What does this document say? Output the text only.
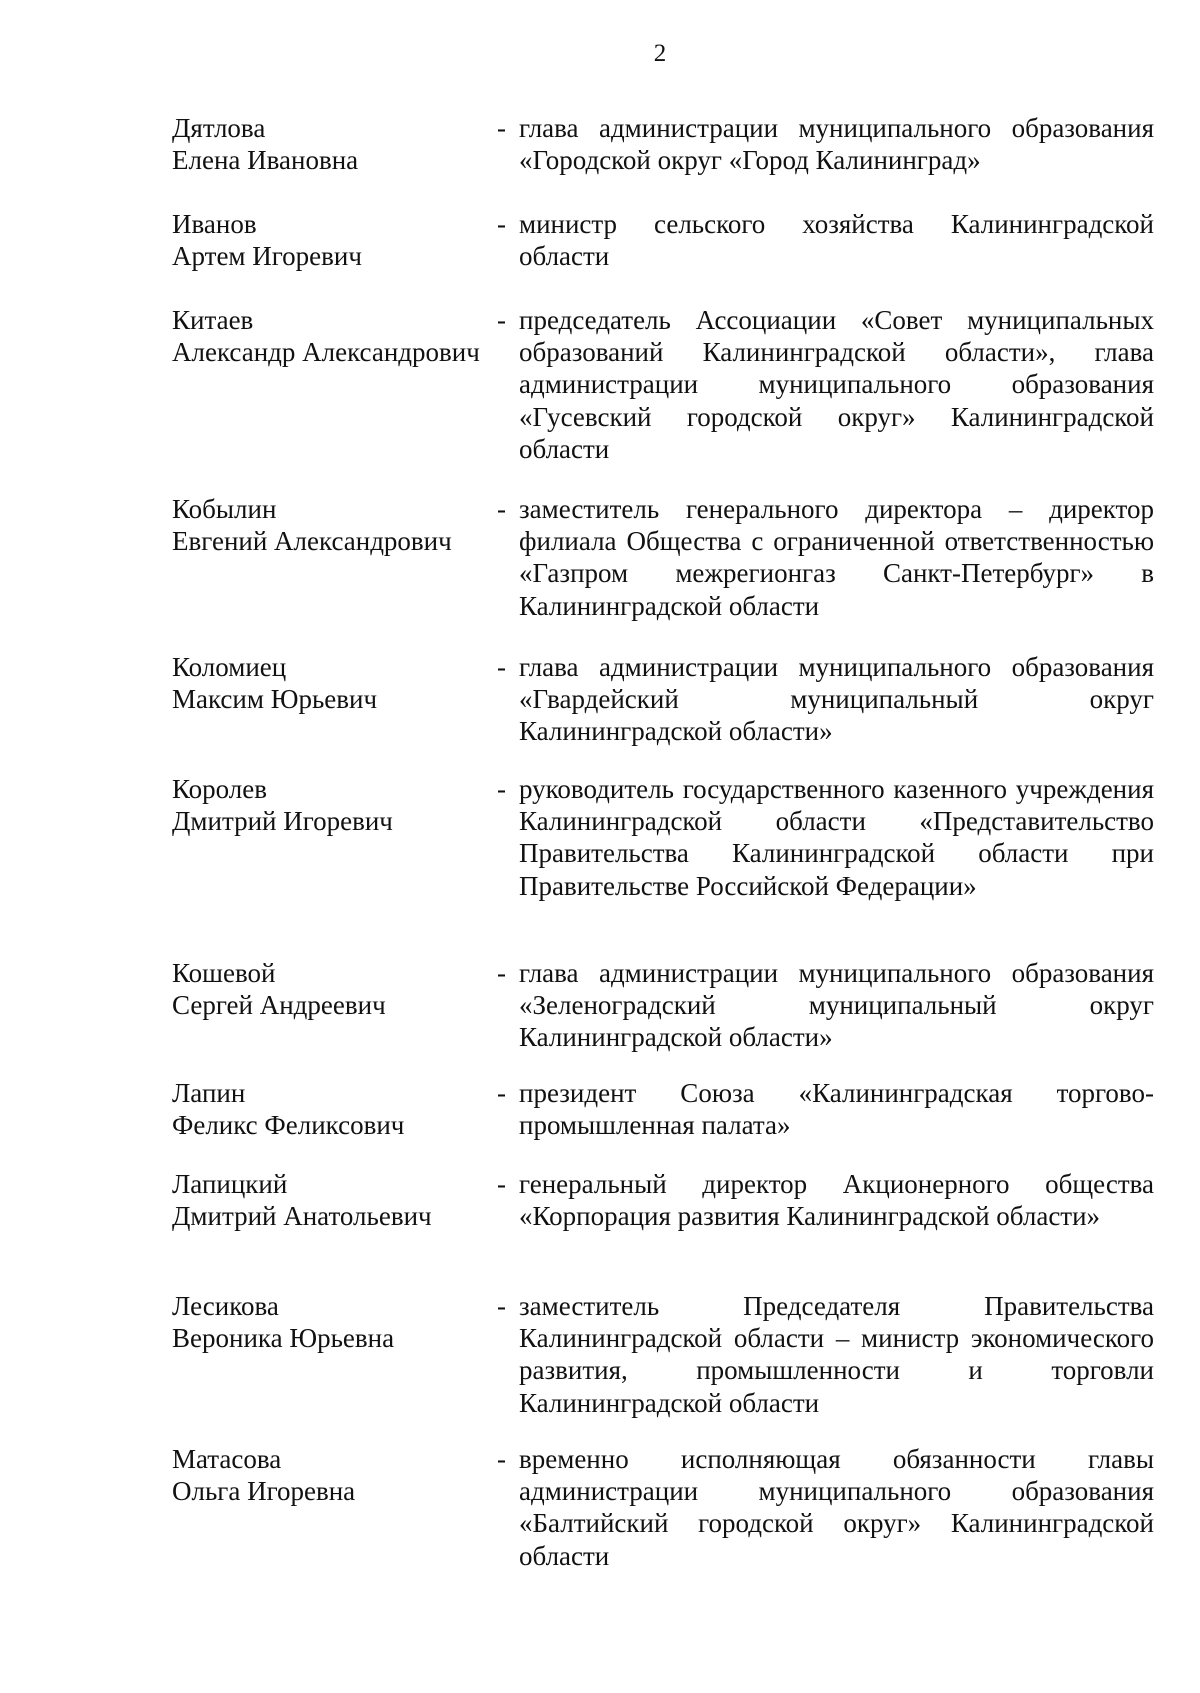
2
Дятлова
Елена Ивановна
- глава администрации муниципального образования «Городской округ «Город Калининград»
Иванов
Артем Игоревич
- министр сельского хозяйства Калининградской области
Китаев
Александр Александрович
- председатель Ассоциации «Совет муниципальных образований Калининградской области», глава администрации муниципального образования «Гусевский городской округ» Калининградской области
Кобылин
Евгений Александрович
- заместитель генерального директора – директор филиала Общества с ограниченной ответственностью «Газпром межрегионгаз Санкт-Петербург» в Калининградской области
Коломиец
Максим Юрьевич
- глава администрации муниципального образования «Гвардейский муниципальный округ Калининградской области»
Королев
Дмитрий Игоревич
- руководитель государственного казенного учреждения Калининградской области «Представительство Правительства Калининградской области при Правительстве Российской Федерации»
Кошевой
Сергей Андреевич
- глава администрации муниципального образования «Зеленоградский муниципальный округ Калининградской области»
Лапин
Феликс Феликсович
- президент Союза «Калининградская торгово-промышленная палата»
Лапицкий
Дмитрий Анатольевич
- генеральный директор Акционерного общества «Корпорация развития Калининградской области»
Лесикова
Вероника Юрьевна
- заместитель Председателя Правительства Калининградской области – министр экономического развития, промышленности и торговли Калининградской области
Матасова
Ольга Игоревна
- временно исполняющая обязанности главы администрации муниципального образования «Балтийский городской округ» Калининградской области
